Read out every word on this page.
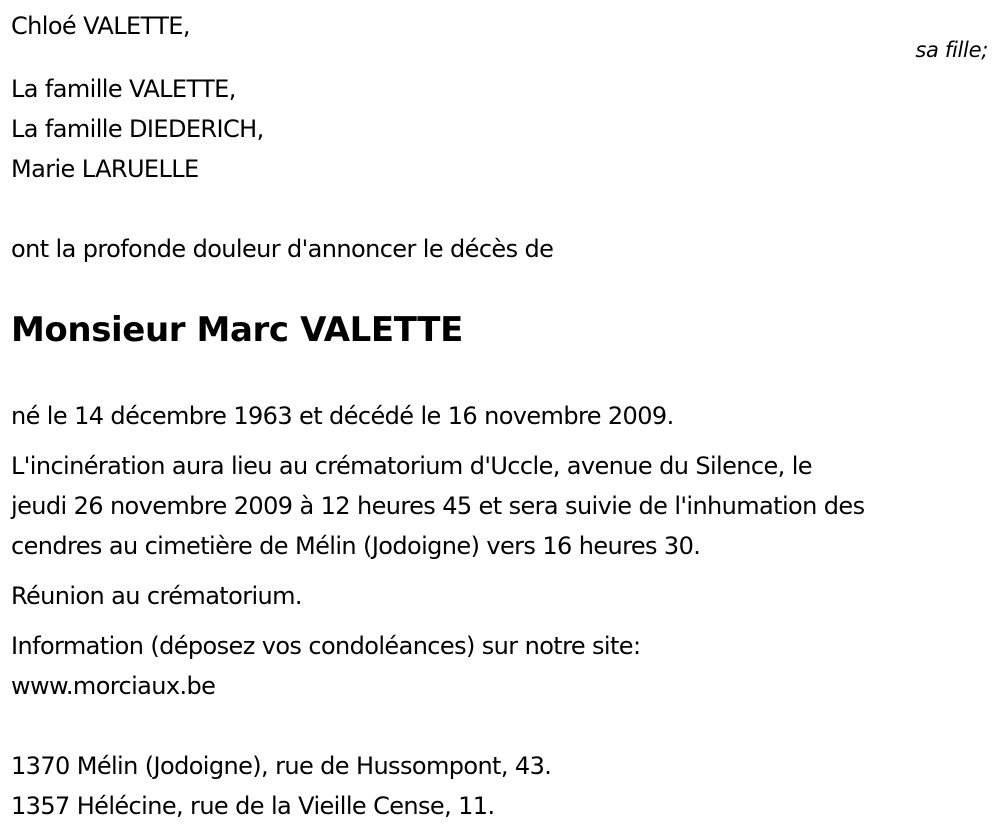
Chloé VALETTE,
sa fille;
La famille VALETTE,
La famille DIEDERICH,
Marie LARUELLE
ont la profonde douleur d'annoncer le décès de
Monsieur Marc VALETTE
né le 14 décembre 1963 et décédé le 16 novembre 2009.
L'incinération aura lieu au crématorium d'Uccle, avenue du Silence, le
jeudi 26 novembre 2009 à 12 heures 45 et sera suivie de l'inhumation des
cendres au cimetière de Mélin (Jodoigne) vers 16 heures 30.
Réunion au crématorium.
Information (déposez vos condoléances) sur notre site:
www.morciaux.be
1370 Mélin (Jodoigne), rue de Hussompont, 43.
1357 Hélécine, rue de la Vieille Cense, 11.
